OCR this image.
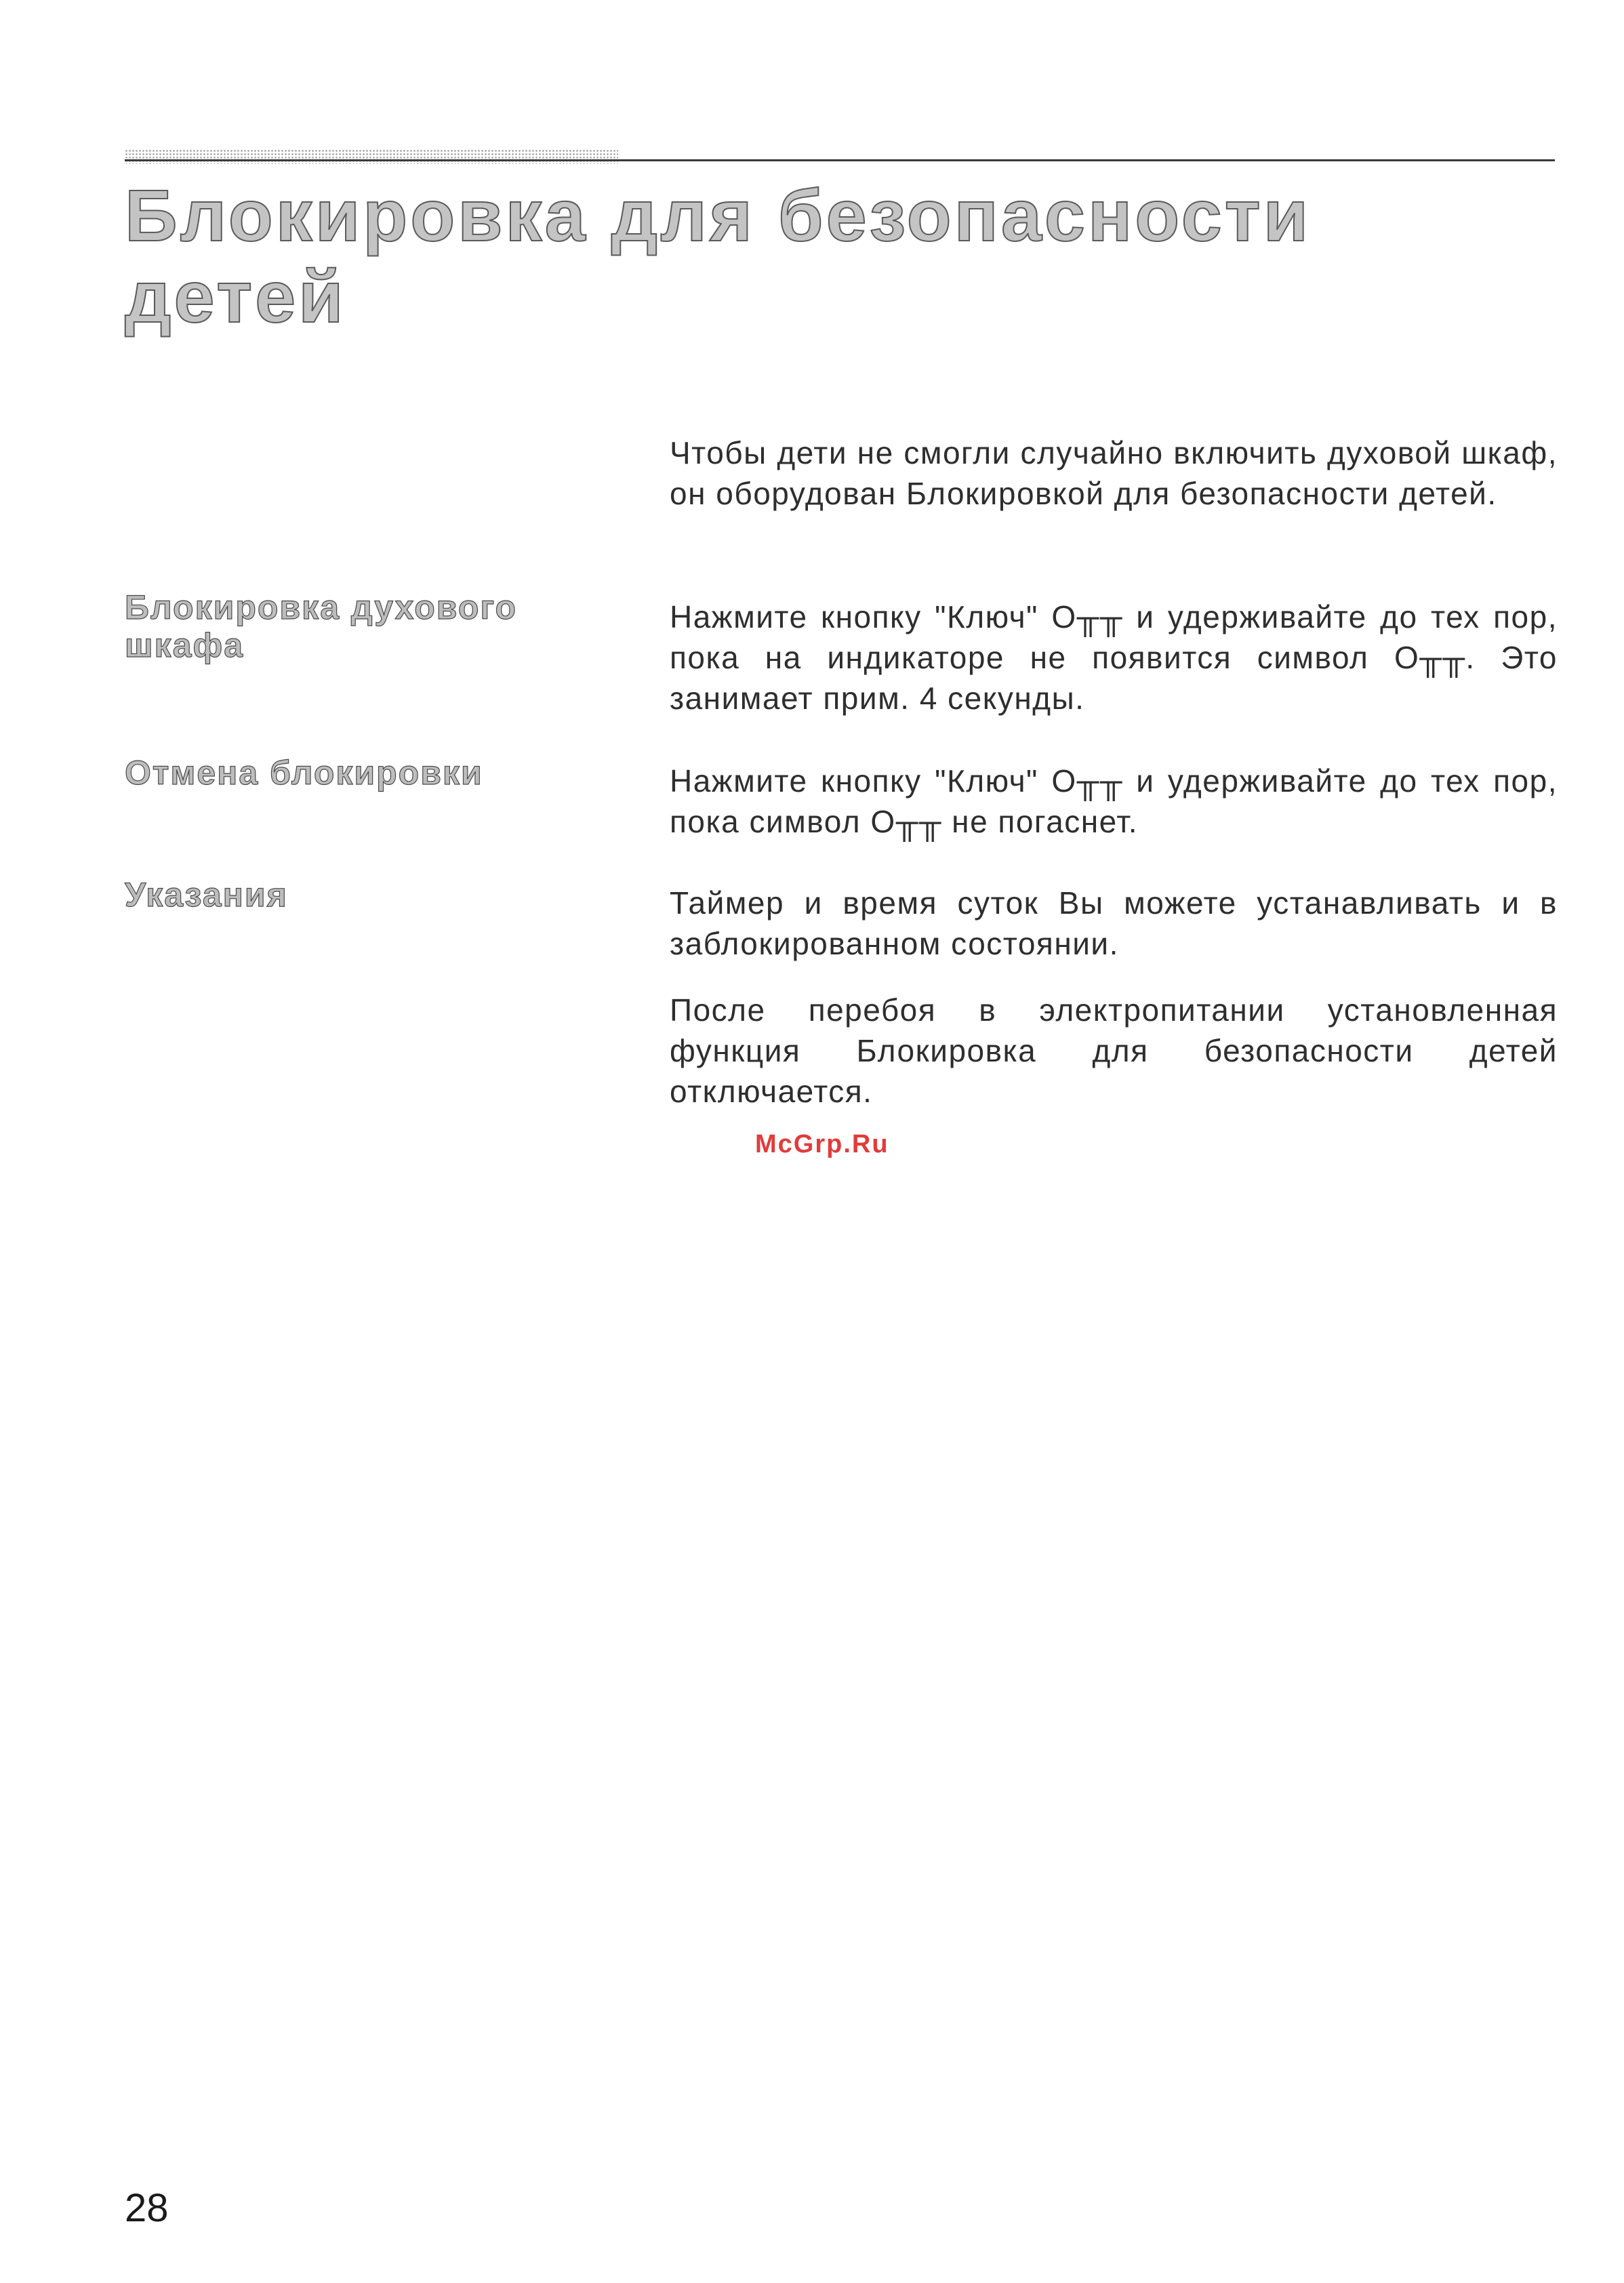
Блокировка для безопасности детей

Чтобы дети не смогли случайно включить духовой шкаф, он оборудован Блокировкой для безопасности детей.

Блокировка духового шкафа

Нажмите кнопку "Ключ" О╥╥ и удерживайте до тех пор, пока на индикаторе не появится символ О╥╥. Это занимает прим. 4 секунды.

Отмена блокировки	Нажмите кнопку "Ключ" О╥╥ и удерживайте до тех пор, пока символ О╥╥ не погаснет.

Указания	Таймер и время суток Вы можете устанавливать и в заблокированном состоянии.

После перебоя в электропитании установленная функция Блокировка для безопасности детей отключается.

McGrp.Ru
28
